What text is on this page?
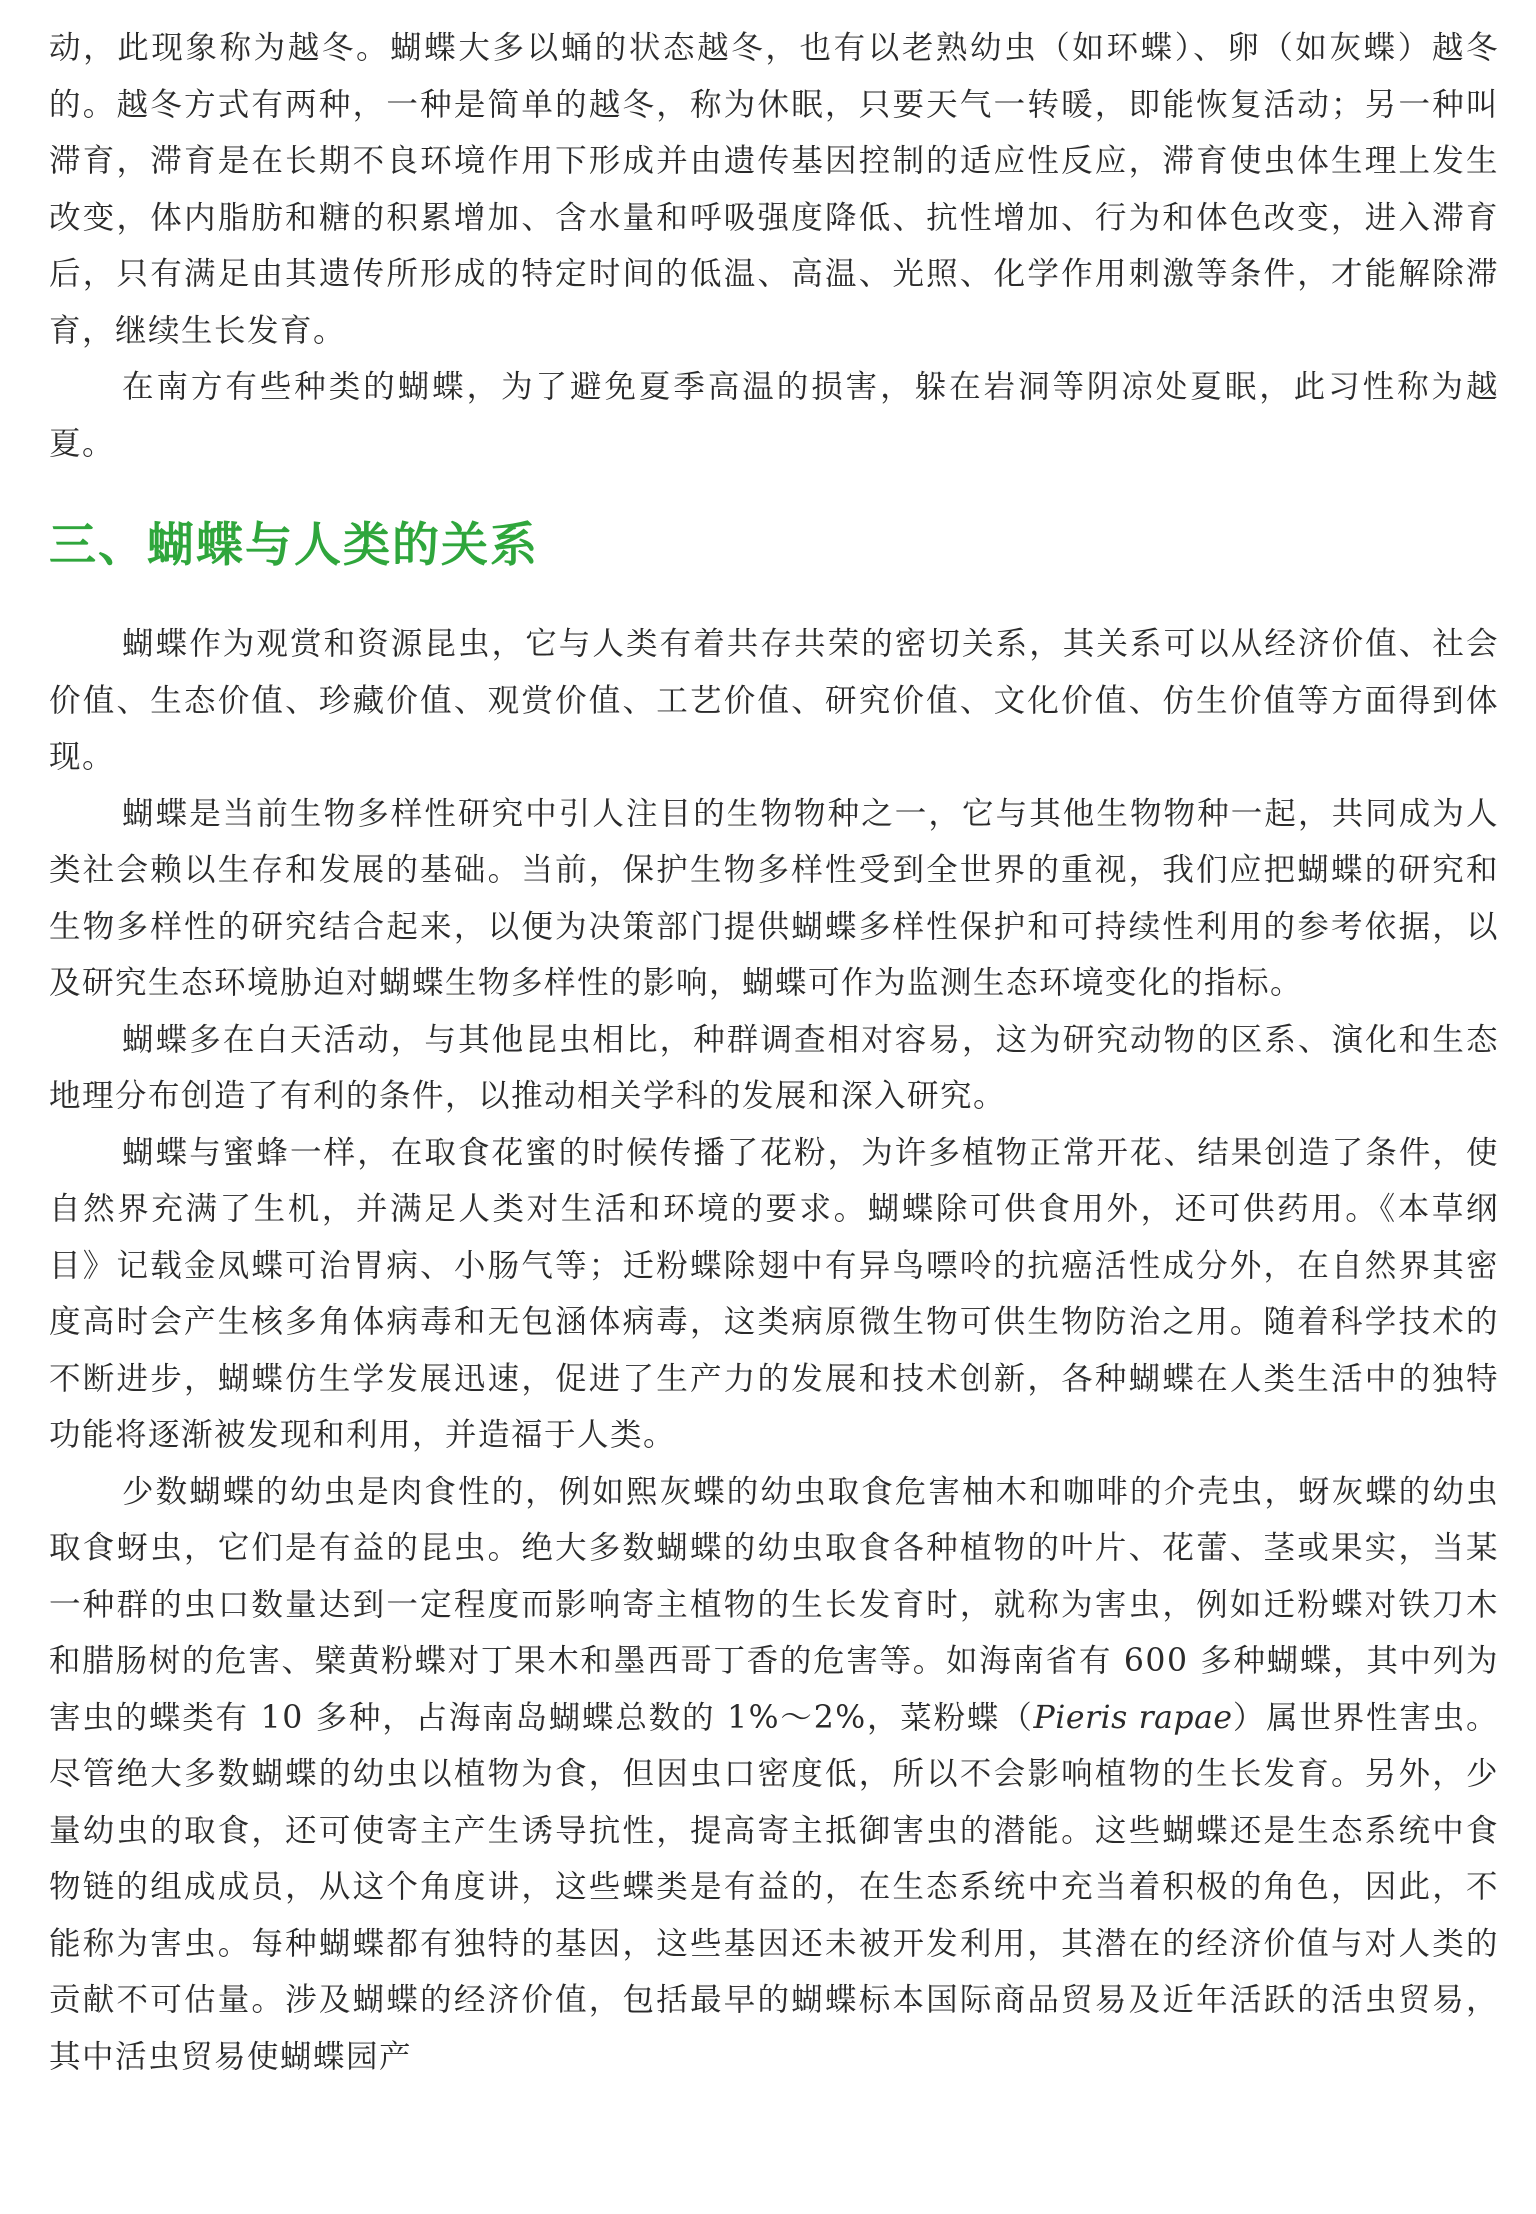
动，此现象称为越冬。蝴蝶大多以蛹的状态越冬，也有以老熟幼虫（如环蝶）、卵（如灰蝶）越冬的。越冬方式有两种，一种是简单的越冬，称为休眠，只要天气一转暖，即能恢复活动；另一种叫滞育，滞育是在长期不良环境作用下形成并由遗传基因控制的适应性反应，滞育使虫体生理上发生改变，体内脂肪和糖的积累增加、含水量和呼吸强度降低、抗性增加、行为和体色改变，进入滞育后，只有满足由其遗传所形成的特定时间的低温、高温、光照、化学作用刺激等条件，才能解除滞育，继续生长发育。

在南方有些种类的蝴蝶，为了避免夏季高温的损害，躲在岩洞等阴凉处夏眠，此习性称为越夏。

三、蝴蝶与人类的关系

蝴蝶作为观赏和资源昆虫，它与人类有着共存共荣的密切关系，其关系可以从经济价值、社会价值、生态价值、珍藏价值、观赏价值、工艺价值、研究价值、文化价值、仿生价值等方面得到体现。

蝴蝶是当前生物多样性研究中引人注目的生物物种之一，它与其他生物物种一起，共同成为人类社会赖以生存和发展的基础。当前，保护生物多样性受到全世界的重视，我们应把蝴蝶的研究和生物多样性的研究结合起来，以便为决策部门提供蝴蝶多样性保护和可持续性利用的参考依据，以及研究生态环境胁迫对蝴蝶生物多样性的影响，蝴蝶可作为监测生态环境变化的指标。

蝴蝶多在白天活动，与其他昆虫相比，种群调查相对容易，这为研究动物的区系、演化和生态地理分布创造了有利的条件，以推动相关学科的发展和深入研究。

蝴蝶与蜜蜂一样，在取食花蜜的时候传播了花粉，为许多植物正常开花、结果创造了条件，使自然界充满了生机，并满足人类对生活和环境的要求。蝴蝶除可供食用外，还可供药用。《本草纲目》记载金凤蝶可治胃病、小肠气等；迁粉蝶除翅中有异鸟嘌呤的抗癌活性成分外，在自然界其密度高时会产生核多角体病毒和无包涵体病毒，这类病原微生物可供生物防治之用。随着科学技术的不断进步，蝴蝶仿生学发展迅速，促进了生产力的发展和技术创新，各种蝴蝶在人类生活中的独特功能将逐渐被发现和利用，并造福于人类。

少数蝴蝶的幼虫是肉食性的，例如熙灰蝶的幼虫取食危害柚木和咖啡的介壳虫，蚜灰蝶的幼虫取食蚜虫，它们是有益的昆虫。绝大多数蝴蝶的幼虫取食各种植物的叶片、花蕾、茎或果实，当某一种群的虫口数量达到一定程度而影响寄主植物的生长发育时，就称为害虫，例如迁粉蝶对铁刀木和腊肠树的危害、檗黄粉蝶对丁果木和墨西哥丁香的危害等。如海南省有 600 多种蝴蝶，其中列为害虫的蝶类有 10 多种，占海南岛蝴蝶总数的 1%～2%，菜粉蝶（Pieris rapae）属世界性害虫。尽管绝大多数蝴蝶的幼虫以植物为食，但因虫口密度低，所以不会影响植物的生长发育。另外，少量幼虫的取食，还可使寄主产生诱导抗性，提高寄主抵御害虫的潜能。这些蝴蝶还是生态系统中食物链的组成成员，从这个角度讲，这些蝶类是有益的，在生态系统中充当着积极的角色，因此，不能称为害虫。每种蝴蝶都有独特的基因，这些基因还未被开发利用，其潜在的经济价值与对人类的贡献不可估量。涉及蝴蝶的经济价值，包括最早的蝴蝶标本国际商品贸易及近年活跃的活虫贸易，其中活虫贸易使蝴蝶园产
